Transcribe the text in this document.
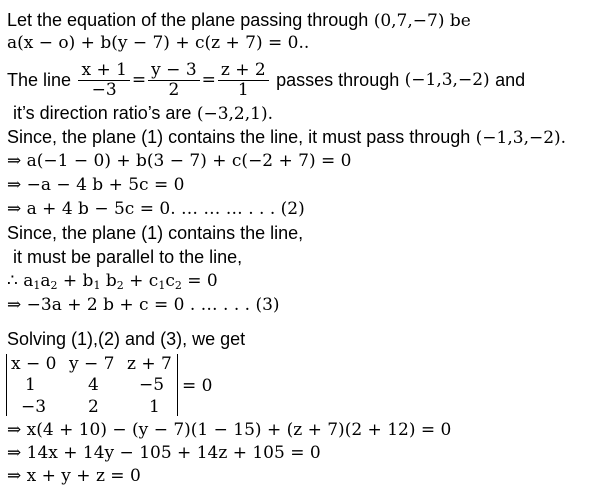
Let the equation of the plane passing through (0,7,−7) be
a(x − o) + b(y − 7) + c(z + 7) = 0..
The line
$\frac{x + 1}{-3} = \frac{y - 3}{2} = \frac{z + 2}{1}$
passes through
(−1,3,−2)
and
it’s direction ratio’s are (−3,2,1).
Since, the plane (1) contains the line, it must pass through (−1,3,−2).
⇒ a(−1 − 0) + b(3 − 7) + c(−2 + 7) = 0
⇒ −a − 4 b + 5c = 0
⇒ a + 4 b − 5c = 0. … … … . . . (2)
Since, the plane (1) contains the line,
it must be parallel to the line,
∴ $a_1a_2 + b_1$ $b_2 + c_1c_2 = 0$
⇒ −3a + 2 b + c = 0 . … . . . (3)
Solving (1),(2) and (3), we get
x − 0 y − 7 z + 7
1	4 −5
−3 2	1
= 0
⇒ x(4 + 10) − (y − 7)(1 − 15) + (z + 7)(2 + 12) = 0
⇒ 14x + 14y − 105 + 14z + 105 = 0
⇒ x + y + z = 0
